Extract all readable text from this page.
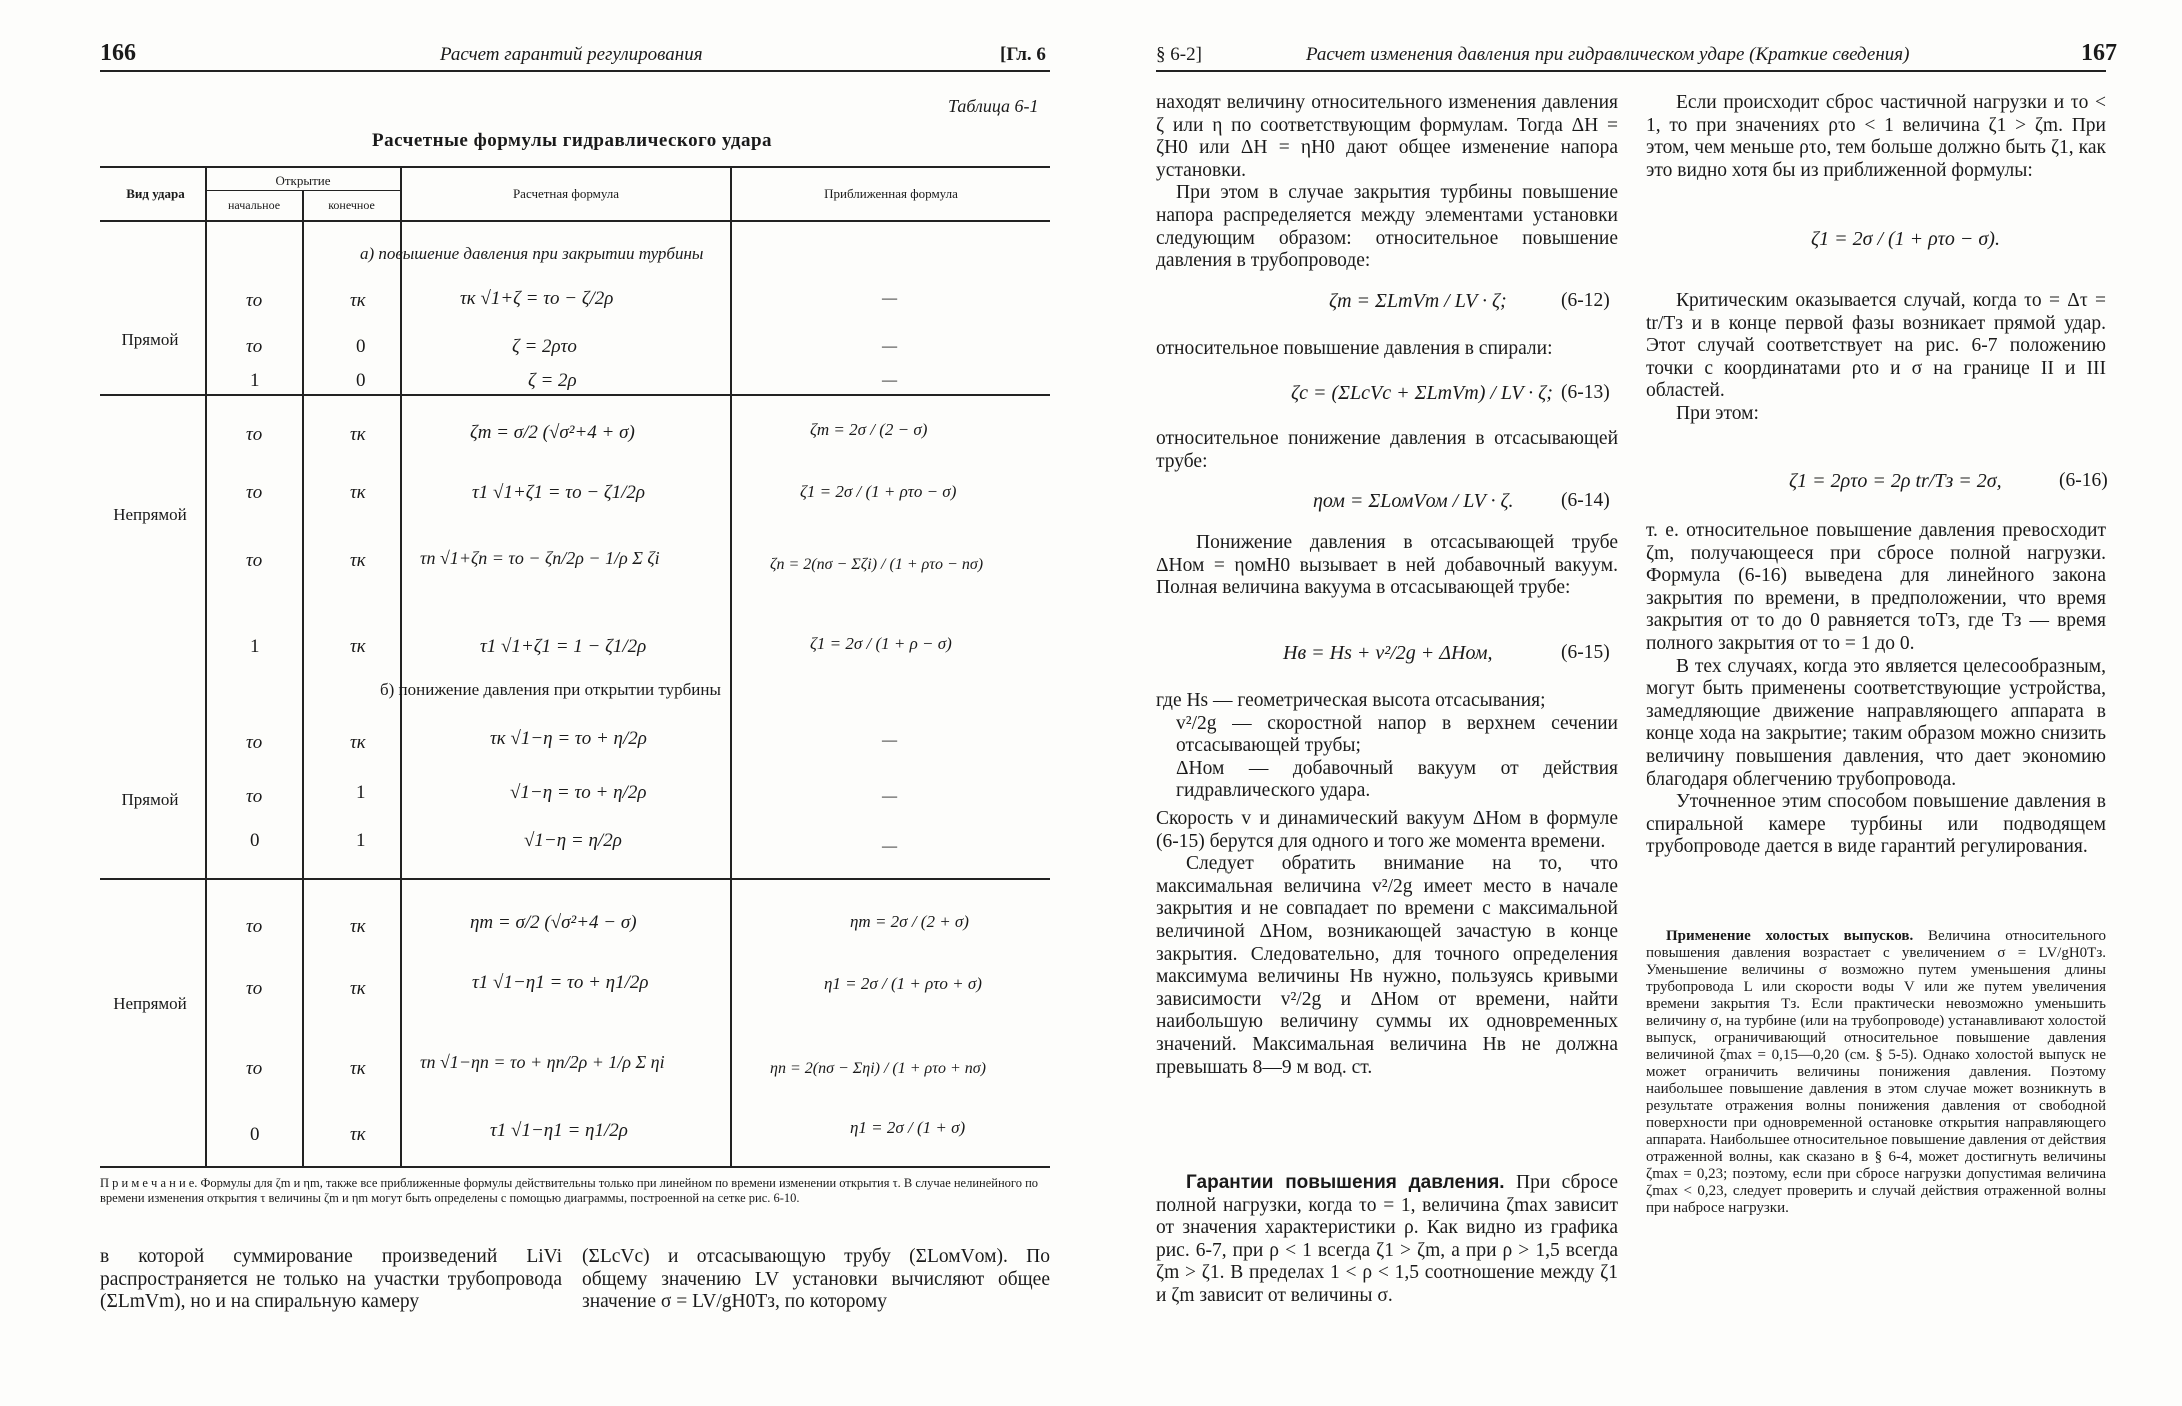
166	Расчет гарантий регулирования	[Гл. 6
Таблица 6-1
Расчетные формулы гидравлического удара
Вид удара
Открытие
начальное	конечное
Расчетная формула	Приближенная формула
а) повышение давления при закрытии турбины
Прямой
τo	τк	τк √1+ζ = τo − ζ/2ρ	—
τo	0	ζ = 2ρτo	—
1	0	ζ = 2ρ	—
Непрямой
τo	τк	ζm = σ/2 (√σ²+4 + σ)	ζm = 2σ / (2 − σ)
τo	τк	τ1 √1+ζ1 = τo − ζ1/2ρ	ζ1 = 2σ / (1 + ρτo − σ)
τo	τк	τn √1+ζn = τo − ζn/2ρ − 1/ρ Σ ζi	ζn = 2(nσ − Σζi) / (1 + ρτo − nσ)
1	τк	τ1 √1+ζ1 = 1 − ζ1/2ρ	ζ1 = 2σ / (1 + ρ − σ)
б) понижение давления при открытии турбины
Прямой
τo	τк	τк √1−η = τo + η/2ρ	—
τo	1	√1−η = τo + η/2ρ	—
0	1	√1−η = η/2ρ	—
Непрямой
τo	τк	ηm = σ/2 (√σ²+4 − σ)	ηm = 2σ / (2 + σ)
τo	τк	τ1 √1−η1 = τo + η1/2ρ	η1 = 2σ / (1 + ρτo + σ)
τo	τк	τn √1−ηn = τo + ηn/2ρ + 1/ρ Σ ηi	ηn = 2(nσ − Σηi) / (1 + ρτo + nσ)
0	τк	τ1 √1−η1 = η1/2ρ	η1 = 2σ / (1 + σ)

П р и м е ч а н и е. Формулы для ζm и ηm, также все приближенные формулы действительны только при линейном по времени изменении открытия τ. В случае нелинейного по времени изменения открытия τ величины ζm и ηm могут быть определены с помощью диаграммы, построенной на сетке рис. 6-10.

в которой суммирование произведений LiVi распространяется не только на участки трубопровода (ΣLmVm), но и на спиральную камеру

(ΣLcVc) и отсасывающую трубу (ΣLомVом). По общему значению LV установки вычисляют общее значение σ = LV/gH0Tз, по которому

§ 6-2]	Расчет изменения давления при гидравлическом ударе (Краткие сведения)	167

находят величину относительного изменения давления ζ или η по соответствующим формулам. Тогда ΔH = ζH0 или ΔH = ηH0 дают общее изменение напора установки.

При этом в случае закрытия турбины повышение напора распределяется между элементами установки следующим образом: относительное повышение давления в трубопроводе:

ζm = ΣLmVm / LV · ζ;	(6-12)

относительное повышение давления в спирали:

ζc = (ΣLcVc + ΣLmVm) / LV · ζ; (6-13)

относительное понижение давления в отсасывающей трубе:

ηом = ΣLомVом / LV · ζ. (6-14)

Понижение давления в отсасывающей трубе ΔHом = ηомH0 вызывает в ней добавочный вакуум. Полная величина вакуума в отсасывающей трубе:

Hв = Hs + v²/2g + ΔHом,	(6-15)

где Hs — геометрическая высота отсасывания;

v²/2g — скоростной напор в верхнем сечении отсасывающей трубы;

ΔHом — добавочный вакуум от действия гидравлического удара.

Скорость v и динамический вакуум ΔHом в формуле (6-15) берутся для одного и того же момента времени.

Следует обратить внимание на то, что максимальная величина v²/2g имеет место в начале закрытия и не совпадает по времени с максимальной величиной ΔHом, возникающей зачастую в конце закрытия. Следовательно, для точного определения максимума величины Hв нужно, пользуясь кривыми зависимости v²/2g и ΔHом от времени, найти наибольшую величину суммы их одновременных значений. Максимальная величина Hв не должна превышать 8—9 м вод. ст.

Гарантии повышения давления. При сбросе полной нагрузки, когда τo = 1, величина ζmax зависит от значения характеристики ρ. Как видно из графика рис. 6-7, при ρ < 1 всегда ζ1 > ζm, а при ρ > 1,5 всегда ζm > ζ1. В пределах 1 < ρ < 1,5 соотношение между ζ1 и ζm зависит от величины σ.

Если происходит сброс частичной нагрузки и τo < 1, то при значениях ρτo < 1 величина ζ1 > ζm. При этом, чем меньше ρτo, тем больше должно быть ζ1, как это видно хотя бы из приближенной формулы:

ζ1 = 2σ / (1 + ρτo − σ).

Критическим оказывается случай, когда τo = Δτ = tr/Tз и в конце первой фазы возникает прямой удар. Этот случай соответствует на рис. 6-7 положению точки с координатами ρτo и σ на границе II и III областей.

При этом:

ζ1 = 2ρτo = 2ρ tr/Tз = 2σ,	(6-16)

т. е. относительное повышение давления превосходит ζm, получающееся при сбросе полной нагрузки. Формула (6-16) выведена для линейного закона закрытия по времени, в предположении, что время закрытия от τo до 0 равняется τoTз, где Tз — время полного закрытия от τo = 1 до 0.

В тех случаях, когда это является целесообразным, могут быть применены соответствующие устройства, замедляющие движение направляющего аппарата в конце хода на закрытие; таким образом можно снизить величину повышения давления, что дает экономию благодаря облегчению трубопровода.

Уточненное этим способом повышение давления в спиральной камере турбины или подводящем трубопроводе дается в виде гарантий регулирования.

Применение холостых выпусков. Величина относительного повышения давления возрастает с увеличением σ = LV/gH0Tз. Уменьшение величины σ возможно путем уменьшения длины трубопровода L или скорости воды V или же путем увеличения времени закрытия Tз. Если практически невозможно уменьшить величину σ, на турбине (или на трубопроводе) устанавливают холостой выпуск, ограничивающий относительное повышение давления величиной ζmax = 0,15—0,20 (см. § 5-5). Однако холостой выпуск не может ограничить величины понижения давления. Поэтому наибольшее повышение давления в этом случае может возникнуть в результате отражения волны понижения давления от свободной поверхности при одновременной остановке открытия направляющего аппарата. Наибольшее относительное повышение давления от действия отраженной волны, как сказано в § 6-4, может достигнуть величины ζmax = 0,23; поэтому, если при сбросе нагрузки допустимая величина ζmax < 0,23, следует проверить и случай действия отраженной волны при набросе нагрузки.
